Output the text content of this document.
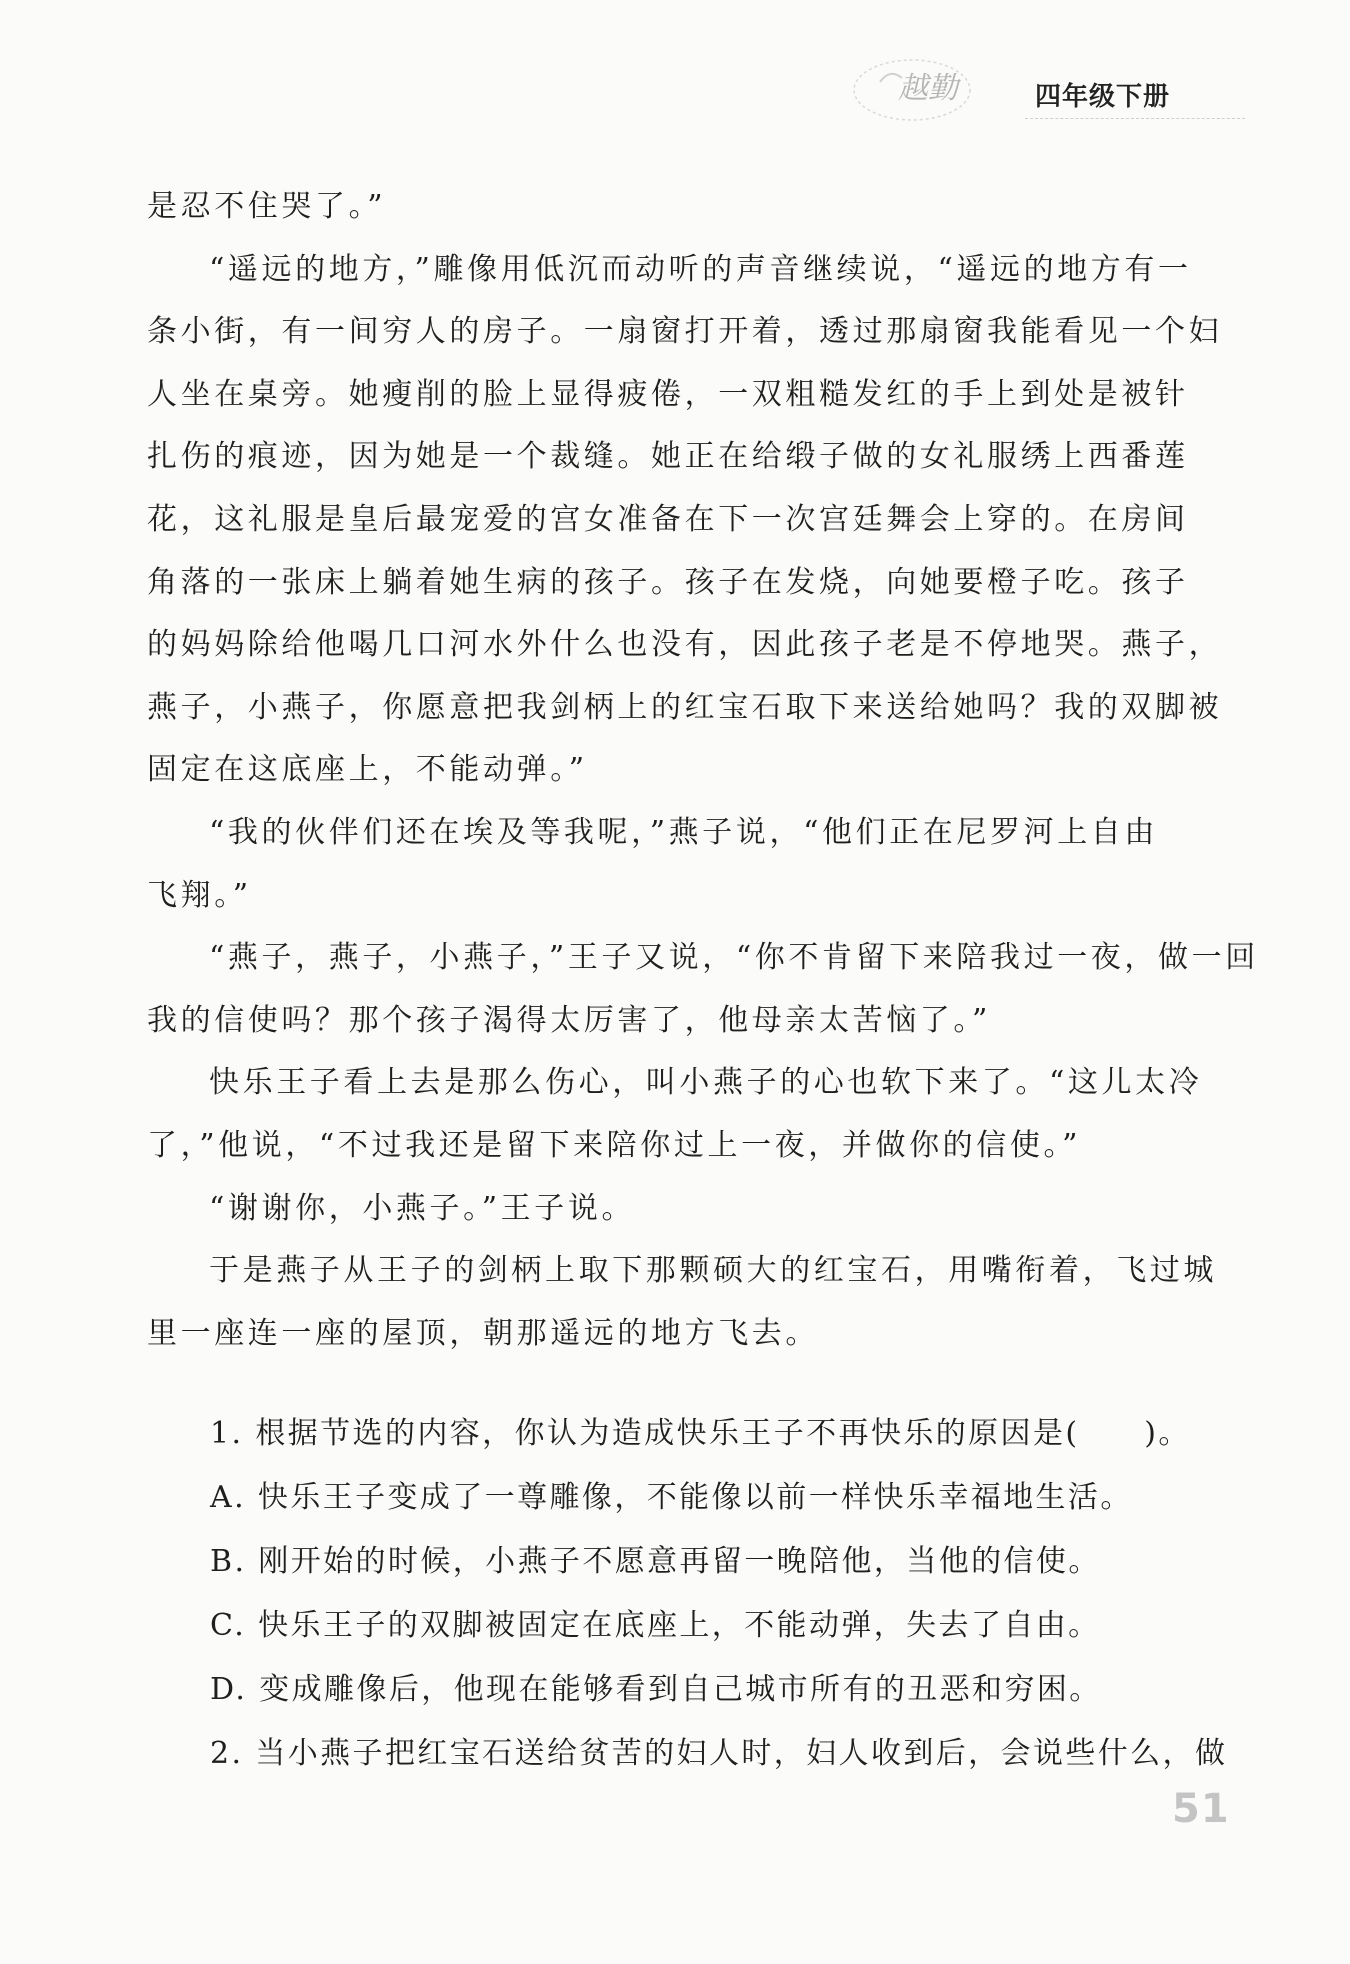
越勤	四年级下册
是忍不住哭了。”
“遥远的地方，”雕像用低沉而动听的声音继续说，“遥远的地方有一
条小街，有一间穷人的房子。一扇窗打开着，透过那扇窗我能看见一个妇
人坐在桌旁。她瘦削的脸上显得疲倦，一双粗糙发红的手上到处是被针
扎伤的痕迹，因为她是一个裁缝。她正在给缎子做的女礼服绣上西番莲
花，这礼服是皇后最宠爱的宫女准备在下一次宫廷舞会上穿的。在房间
角落的一张床上躺着她生病的孩子。孩子在发烧，向她要橙子吃。孩子
的妈妈除给他喝几口河水外什么也没有，因此孩子老是不停地哭。燕子，
燕子，小燕子，你愿意把我剑柄上的红宝石取下来送给她吗？我的双脚被
固定在这底座上，不能动弹。”
“我的伙伴们还在埃及等我呢，”燕子说，“他们正在尼罗河上自由
飞翔。”
“燕子，燕子，小燕子，”王子又说，“你不肯留下来陪我过一夜，做一回
我的信使吗？那个孩子渴得太厉害了，他母亲太苦恼了。”
快乐王子看上去是那么伤心，叫小燕子的心也软下来了。“这儿太冷
了，”他说，“不过我还是留下来陪你过上一夜，并做你的信使。”
“谢谢你，小燕子。”王子说。
于是燕子从王子的剑柄上取下那颗硕大的红宝石，用嘴衔着，飞过城
里一座连一座的屋顶，朝那遥远的地方飞去。
1. 根据节选的内容，你认为造成快乐王子不再快乐的原因是(　　)。
A. 快乐王子变成了一尊雕像，不能像以前一样快乐幸福地生活。
B. 刚开始的时候，小燕子不愿意再留一晚陪他，当他的信使。
C. 快乐王子的双脚被固定在底座上，不能动弹，失去了自由。
D. 变成雕像后，他现在能够看到自己城市所有的丑恶和穷困。
2. 当小燕子把红宝石送给贫苦的妇人时，妇人收到后，会说些什么，做
51
